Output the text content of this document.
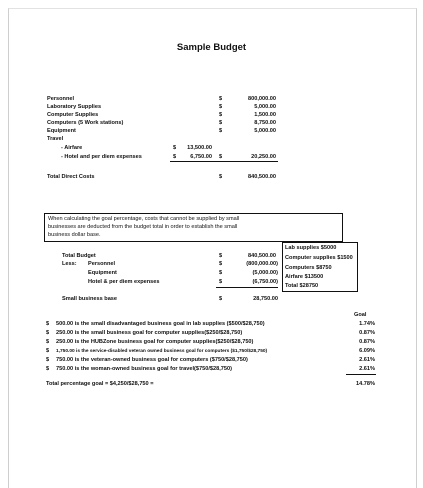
Sample Budget
Personnel	$	800,000.00
Laboratory Supplies	$	5,000.00
Computer Supplies	$	1,500.00
Computers (5 Work stations)	$	8,750.00
Equipment	$	5,000.00
Travel
- Airfare	$	13,500.00
- Hotel and per diem expenses	$	6,750.00 $	20,250.00
Total Direct Costs	$	840,500.00
When calculating the goal percentage, costs that cannot be supplied by small
businesses are deducted from the budget total in order to establish the small
business dollar base.
Total Budget	$	840,500.00
Less: Personnel	$	(800,000.00)
Equipment	$	(5,000.00)
Hotel & per diem expenses	$	(6,750.00)
Small business base	$	28,750.00
Lab supplies $5000
Computer supplies $1500
Computers $8750
Airfare $13500
Total $28750
Goal
$ 500.00 is the small disadvantaged business goal in lab supplies ($500/$28,750)	1.74%
$ 250.00 is the small business goal for computer supplies($250/$28,750)	0.87%
$ 250.00 is the HUBZone business goal for computer supplies($250/$28,750)	0.87%
$ 1,750.00 is the service-disabled veteran owned business goal for computers ($1,750/$28,750)	6.09%
$ 750.00 is the veteran-owned business goal for computers ($750/$28,750)	2.61%
$ 750.00 is the woman-owned business goal for travel($750/$28,750)	2.61%
Total percentage goal = $4,250/$28,750 =	14.78%
